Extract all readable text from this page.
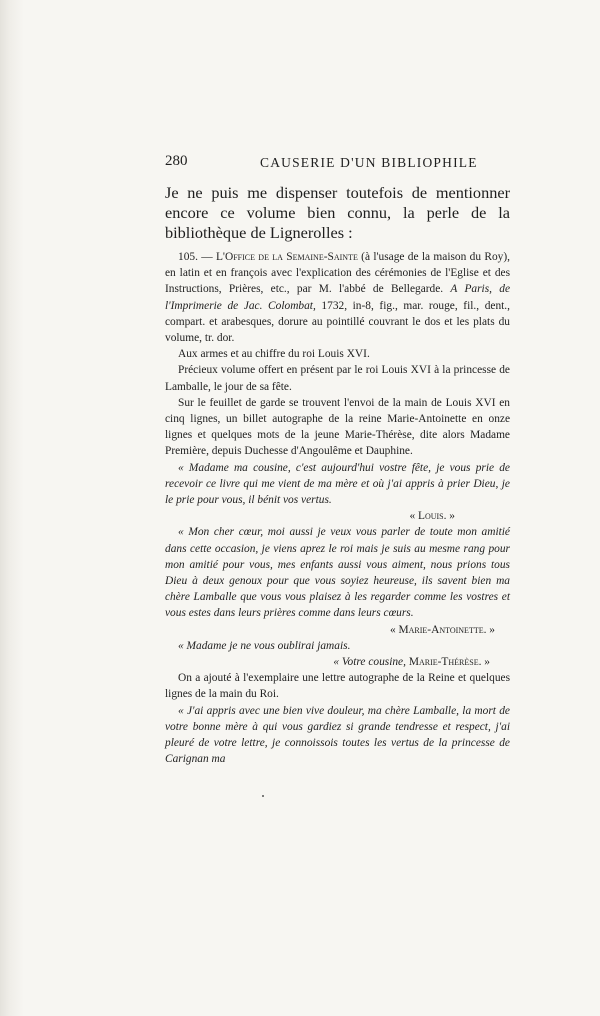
280	CAUSERIE D'UN BIBLIOPHILE

Je ne puis me dispenser toutefois de mentionner encore ce volume bien connu, la perle de la bibliothèque de Lignerolles :

105. — L'Office de la Semaine-Sainte (à l'usage de la maison du Roy), en latin et en françois avec l'explication des cérémonies de l'Eglise et des Instructions, Prières, etc., par M. l'abbé de Bellegarde. A Paris, de l'Imprimerie de Jac. Colombat, 1732, in-8, fig., mar. rouge, fil., dent., compart. et arabesques, dorure au pointillé couvrant le dos et les plats du volume, tr. dor.

Aux armes et au chiffre du roi Louis XVI.

Précieux volume offert en présent par le roi Louis XVI à la princesse de Lamballe, le jour de sa fête.

Sur le feuillet de garde se trouvent l'envoi de la main de Louis XVI en cinq lignes, un billet autographe de la reine Marie-Antoinette en onze lignes et quelques mots de la jeune Marie-Thérèse, dite alors Madame Première, depuis Duchesse d'Angoulême et Dauphine.

« Madame ma cousine, c'est aujourd'hui vostre fête, je vous prie de recevoir ce livre qui me vient de ma mère et où j'ai appris à prier Dieu, je le prie pour vous, il bénit vos vertus.

« Louis. »

« Mon cher cœur, moi aussi je veux vous parler de toute mon amitié dans cette occasion, je viens aprez le roi mais je suis au mesme rang pour mon amitié pour vous, mes enfants aussi vous aiment, nous prions tous Dieu à deux genoux pour que vous soyiez heureuse, ils savent bien ma chère Lamballe que vous vous plaisez à les regarder comme les vostres et vous estes dans leurs prières comme dans leurs cœurs.

« Marie-Antoinette. »

« Madame je ne vous oublirai jamais.

« Votre cousine, Marie-Thérèse. »

On a ajouté à l'exemplaire une lettre autographe de la Reine et quelques lignes de la main du Roi.

« J'ai appris avec une bien vive douleur, ma chère Lamballe, la mort de votre bonne mère à qui vous gardiez si grande tendresse et respect, j'ai pleuré de votre lettre, je connoissois toutes les vertus de la princesse de Carignan ma
